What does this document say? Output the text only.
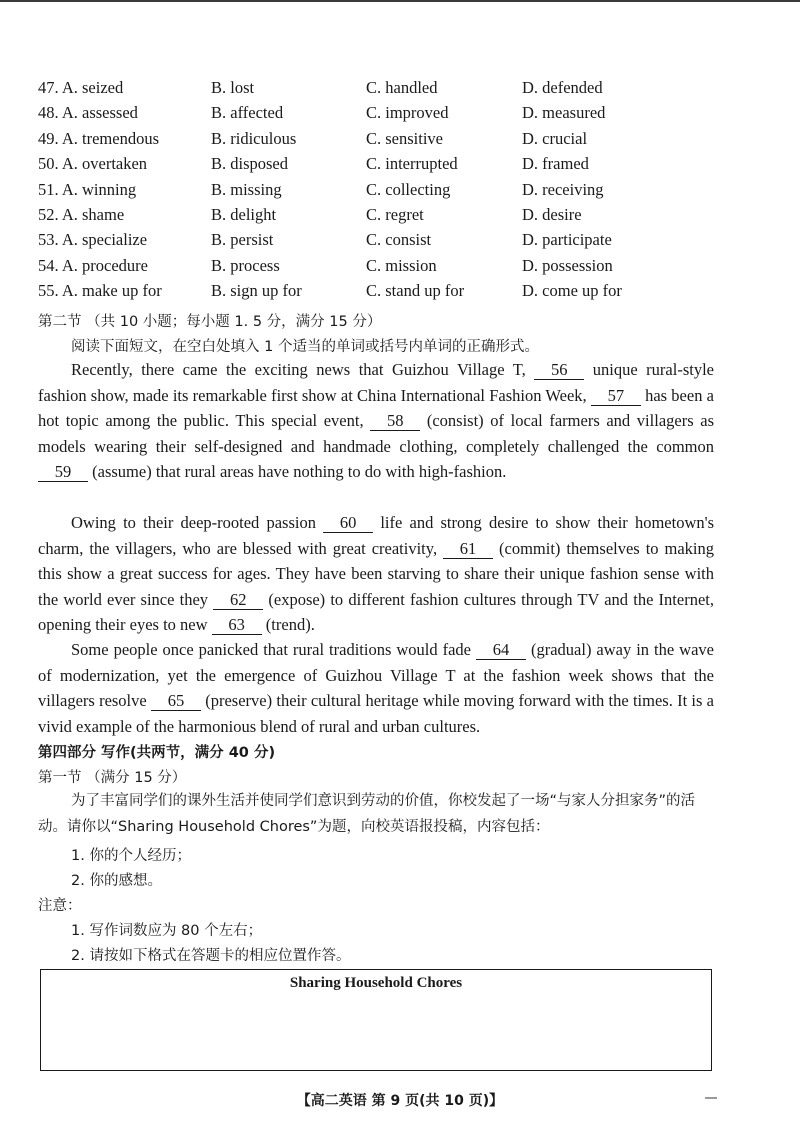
47. A. seized	B. lost	C. handled	D. defended
48. A. assessed	B. affected	C. improved	D. measured
49. A. tremendous	B. ridiculous	C. sensitive	D. crucial
50. A. overtaken	B. disposed	C. interrupted	D. framed
51. A. winning	B. missing	C. collecting	D. receiving
52. A. shame	B. delight	C. regret	D. desire
53. A. specialize	B. persist	C. consist	D. participate
54. A. procedure	B. process	C. mission	D. possession
55. A. make up for	B. sign up for	C. stand up for	D. come up for
第二节 （共 10 小题；每小题 1. 5 分，满分 15 分）
阅读下面短文，在空白处填入 1 个适当的单词或括号内单词的正确形式。

Recently, there came the exciting news that Guizhou Village T, 56 unique rural-style fashion show, made its remarkable first show at China International Fashion Week, 57 has been a hot topic among the public. This special event, 58 (consist) of local farmers and villagers as models wearing their self-designed and handmade clothing, completely challenged the common 59 (assume) that rural areas have nothing to do with high-fashion.

Owing to their deep-rooted passion 60 life and strong desire to show their hometown's charm, the villagers, who are blessed with great creativity, 61 (commit) themselves to making this show a great success for ages. They have been starving to share their unique fashion sense with the world ever since they 62 (expose) to different fashion cultures through TV and the Internet, opening their eyes to new 63 (trend).

Some people once panicked that rural traditions would fade 64 (gradual) away in the wave of modernization, yet the emergence of Guizhou Village T at the fashion week shows that the villagers resolve 65 (preserve) their cultural heritage while moving forward with the times. It is a vivid example of the harmonious blend of rural and urban cultures.

第四部分 写作(共两节，满分 40 分)
第一节 （满分 15 分）
为了丰富同学们的课外生活并使同学们意识到劳动的价值，你校发起了一场“与家人分担家务”的活动。请你以“Sharing Household Chores”为题，向校英语报投稿，内容包括：
1. 你的个人经历；
2. 你的感想。
注意：
1. 写作词数应为 80 个左右；
2. 请按如下格式在答题卡的相应位置作答。
Sharing Household Chores
【高二英语 第 9 页(共 10 页)】
